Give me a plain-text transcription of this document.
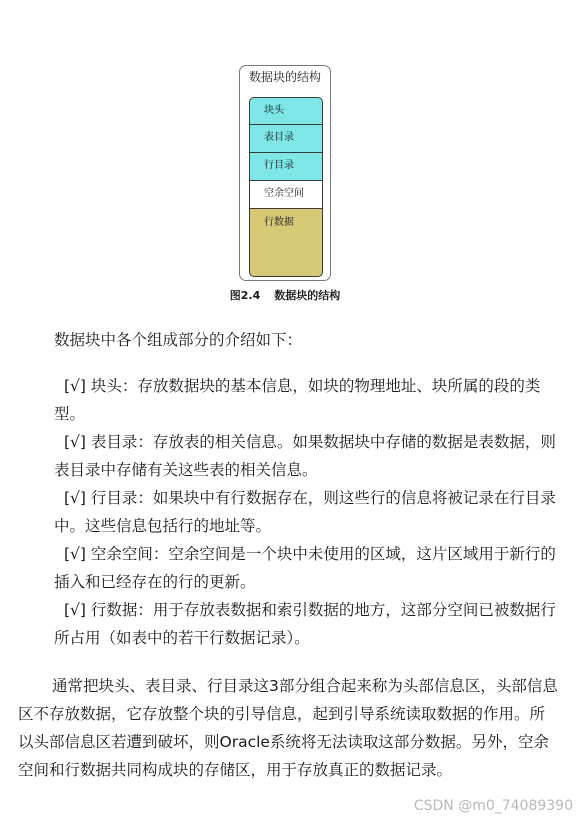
数据块的结构
块头
表目录
行目录
空余空间
行数据
图2.4 数据块的结构

数据块中各个组成部分的介绍如下：

[√] 块头：存放数据块的基本信息，如块的物理地址、块所属的段的类型。

[√] 表目录：存放表的相关信息。如果数据块中存储的数据是表数据，则表目录中存储有关这些表的相关信息。

[√] 行目录：如果块中有行数据存在，则这些行的信息将被记录在行目录中。这些信息包括行的地址等。

[√] 空余空间：空余空间是一个块中未使用的区域，这片区域用于新行的插入和已经存在的行的更新。

[√] 行数据：用于存放表数据和索引数据的地方，这部分空间已被数据行所占用（如表中的若干行数据记录）。

通常把块头、表目录、行目录这3部分组合起来称为头部信息区，头部信息区不存放数据，它存放整个块的引导信息，起到引导系统读取数据的作用。所以头部信息区若遭到破坏，则Oracle系统将无法读取这部分数据。另外，空余空间和行数据共同构成块的存储区，用于存放真正的数据记录。

CSDN @m0_74089390
